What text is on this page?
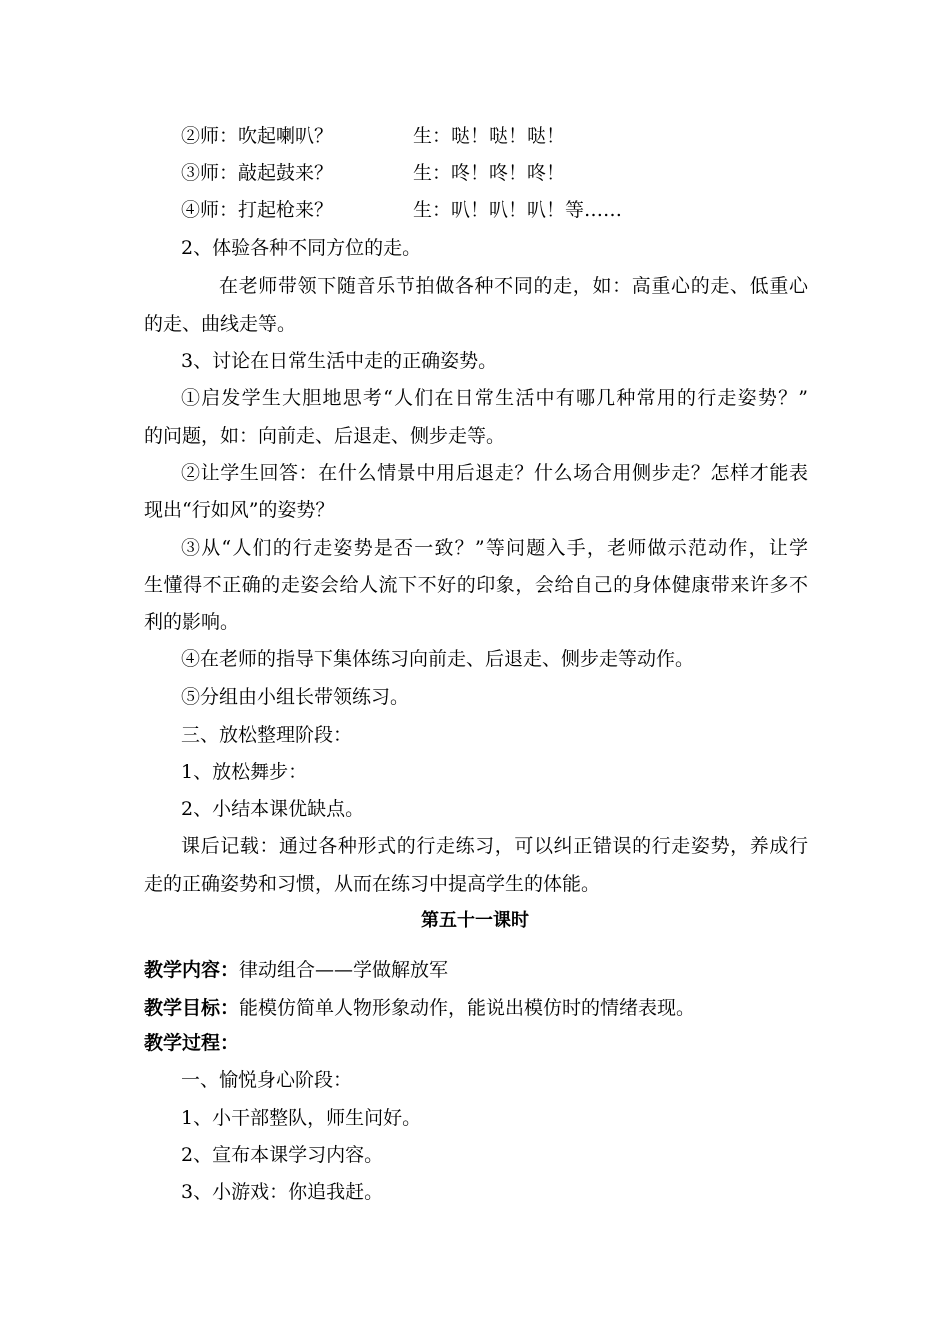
②师：吹起喇叭？	生：哒！哒！哒！
③师：敲起鼓来？	生：咚！咚！咚！
④师：打起枪来？	生：叭！叭！叭！等……
2、体验各种不同方位的走。
在老师带领下随音乐节拍做各种不同的走，如：高重心的走、低重心
的走、曲线走等。
3、讨论在日常生活中走的正确姿势。
①启发学生大胆地思考“人们在日常生活中有哪几种常用的行走姿势？”
的问题，如：向前走、后退走、侧步走等。
②让学生回答：在什么情景中用后退走？什么场合用侧步走？怎样才能表
现出“行如风”的姿势？
③从“人们的行走姿势是否一致？”等问题入手，老师做示范动作，让学
生懂得不正确的走姿会给人流下不好的印象，会给自己的身体健康带来许多不
利的影响。
④在老师的指导下集体练习向前走、后退走、侧步走等动作。
⑤分组由小组长带领练习。
三、放松整理阶段：
1、放松舞步：
2、小结本课优缺点。
课后记载：通过各种形式的行走练习，可以纠正错误的行走姿势，养成行
走的正确姿势和习惯，从而在练习中提高学生的体能。
第五十一课时
教学内容：律动组合——学做解放军
教学目标：能模仿简单人物形象动作，能说出模仿时的情绪表现。
教学过程：
一、愉悦身心阶段：
1、小干部整队，师生问好。
2、宣布本课学习内容。
3、小游戏：你追我赶。
